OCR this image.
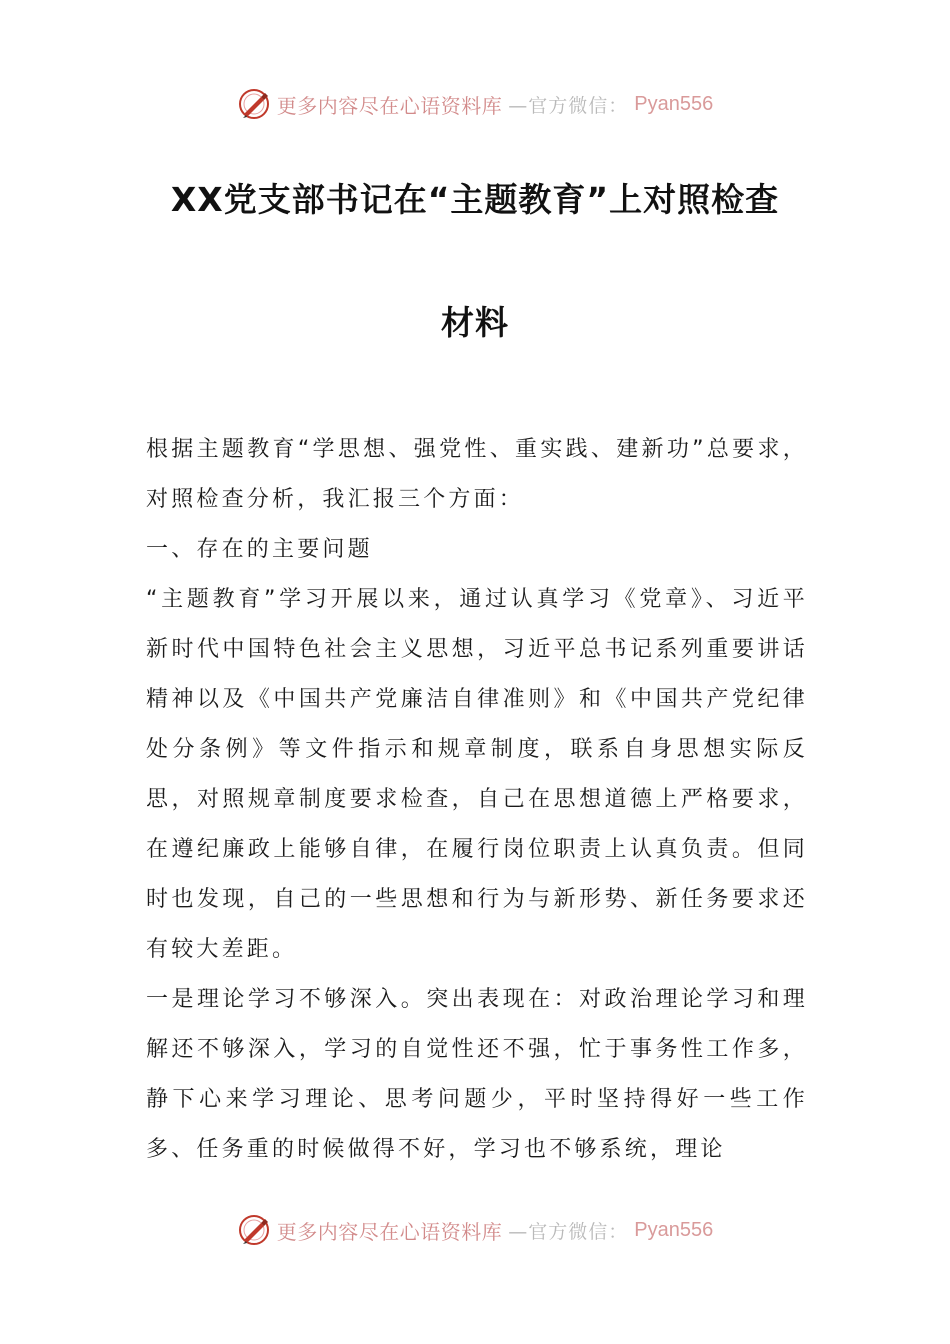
更多内容尽在心语资料库 —官方微信： Pyan556
XX党支部书记在“主题教育”上对照检查
材料

根据主题教育“学思想、强党性、重实践、建新功”总要求，对照检查分析，我汇报三个方面：

一、存在的主要问题

“主题教育”学习开展以来，通过认真学习《党章》、习近平新时代中国特色社会主义思想，习近平总书记系列重要讲话精神以及《中国共产党廉洁自律准则》和《中国共产党纪律处分条例》等文件指示和规章制度，联系自身思想实际反思，对照规章制度要求检查，自己在思想道德上严格要求，在遵纪廉政上能够自律，在履行岗位职责上认真负责。但同时也发现，自己的一些思想和行为与新形势、新任务要求还有较大差距。

一是理论学习不够深入。突出表现在：对政治理论学习和理解还不够深入，学习的自觉性还不强，忙于事务性工作多，静下心来学习理论、思考问题少，平时坚持得好一些工作多、任务重的时候做得不好，学习也不够系统，理论

更多内容尽在心语资料库 —官方微信： Pyan556
